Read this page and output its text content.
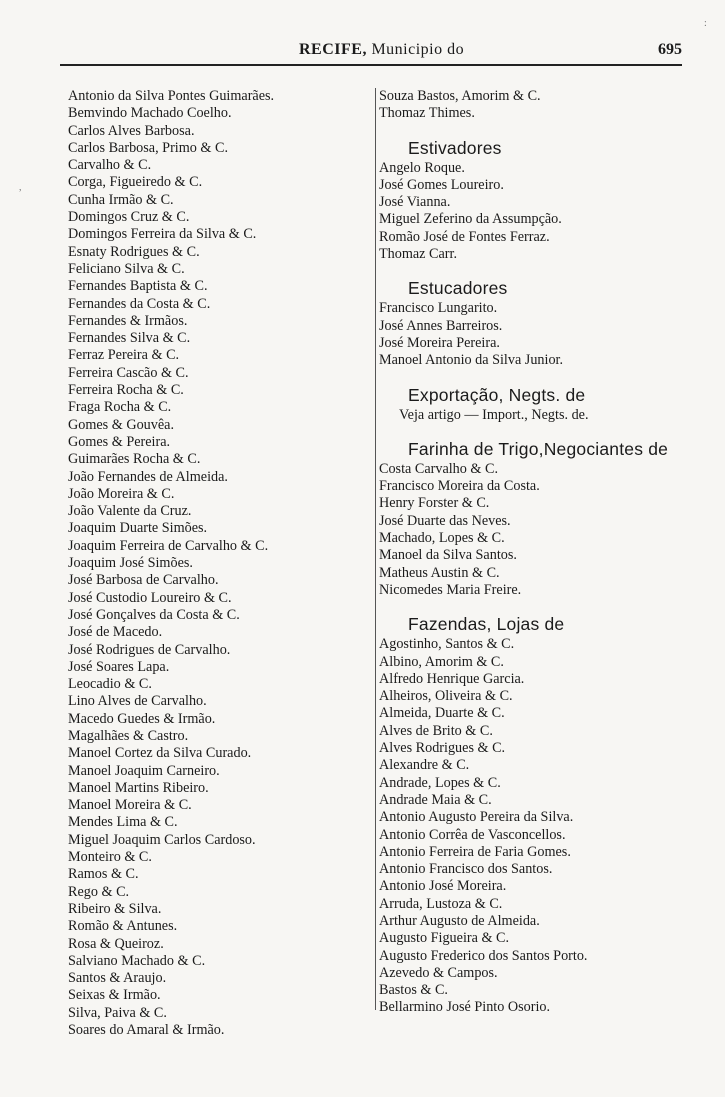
RECIFE, Municipio do	695
Antonio da Silva Pontes Guimarães.
Bemvindo Machado Coelho.
Carlos Alves Barbosa.
Carlos Barbosa, Primo & C.
Carvalho & C.
Corga, Figueiredo & C.
Cunha Irmão & C.
Domingos Cruz & C.
Domingos Ferreira da Silva & C.
Esnaty Rodrigues & C.
Feliciano Silva & C.
Fernandes Baptista & C.
Fernandes da Costa & C.
Fernandes & Irmãos.
Fernandes Silva & C.
Ferraz Pereira & C.
Ferreira Cascão & C.
Ferreira Rocha & C.
Fraga Rocha & C.
Gomes & Gouvêa.
Gomes & Pereira.
Guimarães Rocha & C.
João Fernandes de Almeida.
João Moreira & C.
João Valente da Cruz.
Joaquim Duarte Simões.
Joaquim Ferreira de Carvalho & C.
Joaquim José Simões.
José Barbosa de Carvalho.
José Custodio Loureiro & C.
José Gonçalves da Costa & C.
José de Macedo.
José Rodrigues de Carvalho.
José Soares Lapa.
Leocadio & C.
Lino Alves de Carvalho.
Macedo Guedes & Irmão.
Magalhães & Castro.
Manoel Cortez da Silva Curado.
Manoel Joaquim Carneiro.
Manoel Martins Ribeiro.
Manoel Moreira & C.
Mendes Lima & C.
Miguel Joaquim Carlos Cardoso.
Monteiro & C.
Ramos & C.
Rego & C.
Ribeiro & Silva.
Romão & Antunes.
Rosa & Queiroz.
Salviano Machado & C.
Santos & Araujo.
Seixas & Irmão.
Silva, Paiva & C.
Soares do Amaral & Irmão.
Souza Bastos, Amorim & C.
Thomaz Thimes.
Estivadores
Angelo Roque.
José Gomes Loureiro.
José Vianna.
Miguel Zeferino da Assumpção.
Romão José de Fontes Ferraz.
Thomaz Carr.
Estucadores
Francisco Lungarito.
José Annes Barreiros.
José Moreira Pereira.
Manoel Antonio da Silva Junior.
Exportação, Negts. de
Veja artigo — Import., Negts. de.
Farinha de Trigo,Negociantes de
Costa Carvalho & C.
Francisco Moreira da Costa.
Henry Forster & C.
José Duarte das Neves.
Machado, Lopes & C.
Manoel da Silva Santos.
Matheus Austin & C.
Nicomedes Maria Freire.
Fazendas, Lojas de
Agostinho, Santos & C.
Albino, Amorim & C.
Alfredo Henrique Garcia.
Alheiros, Oliveira & C.
Almeida, Duarte & C.
Alves de Brito & C.
Alves Rodrigues & C.
Alexandre & C.
Andrade, Lopes & C.
Andrade Maia & C.
Antonio Augusto Pereira da Silva.
Antonio Corrêa de Vasconcellos.
Antonio Ferreira de Faria Gomes.
Antonio Francisco dos Santos.
Antonio José Moreira.
Arruda, Lustoza & C.
Arthur Augusto de Almeida.
Augusto Figueira & C.
Augusto Frederico dos Santos Porto.
Azevedo & Campos.
Bastos & C.
Bellarmino José Pinto Osorio.
,
:
